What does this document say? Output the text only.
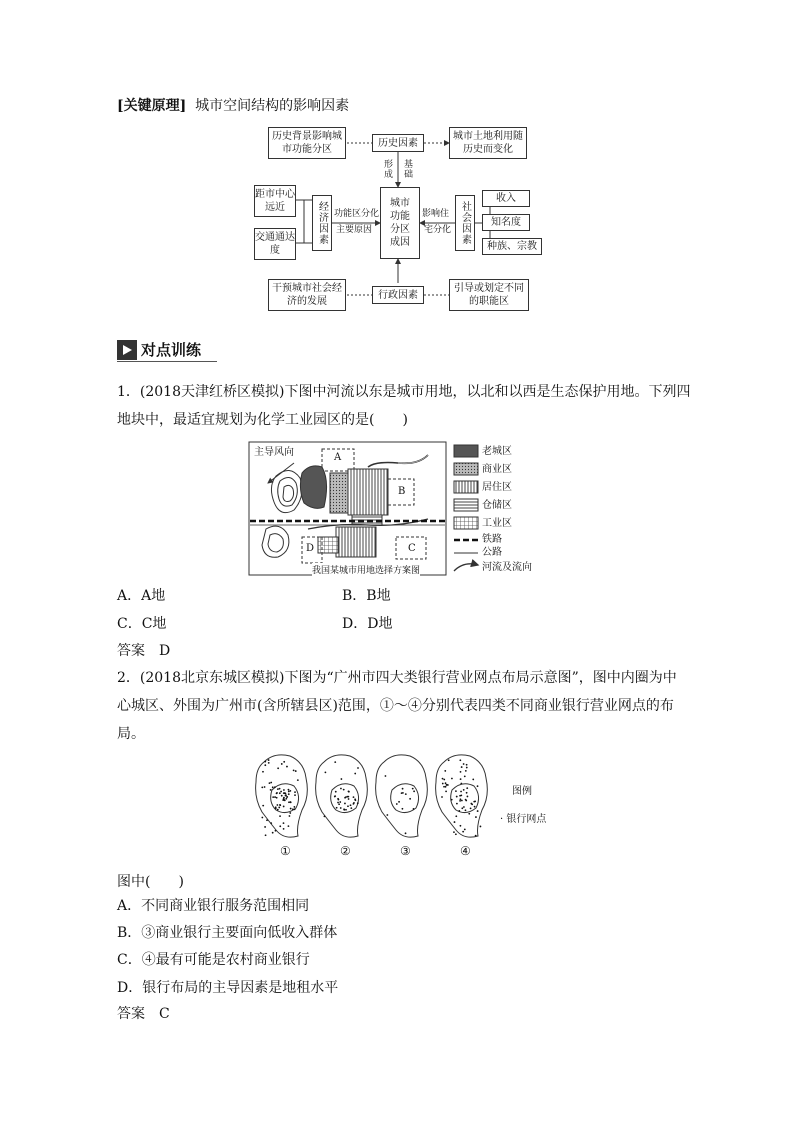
[关键原理] 城市空间结构的影响因素
历史背景影响城市功能分区
历史因素
城市土地利用随历史而变化
形成 基础
距市中心远近
交通通达度
经济因素 功能区分化
主要原因
城市功能分区成因
影响住
宅分化 社会因素
收入
知名度
种族、宗教
干预城市社会经济的发展
行政因素
引导或划定不同的职能区
对点训练
1．(2018天津红桥区模拟)下图中河流以东是城市用地，以北和以西是生态保护用地。下列四
地块中，最适宜规划为化学工业园区的是(　　)
主导风向	A
B
C
D
我国某城市用地选择方案图
老城区
商业区
居住区
仓储区
工业区
铁路
公路
河流及流向
A．A地	B．B地
C．C地	D．D地
答案　D
2．(2018北京东城区模拟)下图为“广州市四大类银行营业网点布局示意图”，图中内圈为中
心城区、外围为广州市(含所辖县区)范围，①～④分别代表四类不同商业银行营业网点的布
局。
①	②	③	④
图例
· 银行网点
图中(　　)
A．不同商业银行服务范围相同
B．③商业银行主要面向低收入群体
C．④最有可能是农村商业银行
D．银行布局的主导因素是地租水平
答案　C
